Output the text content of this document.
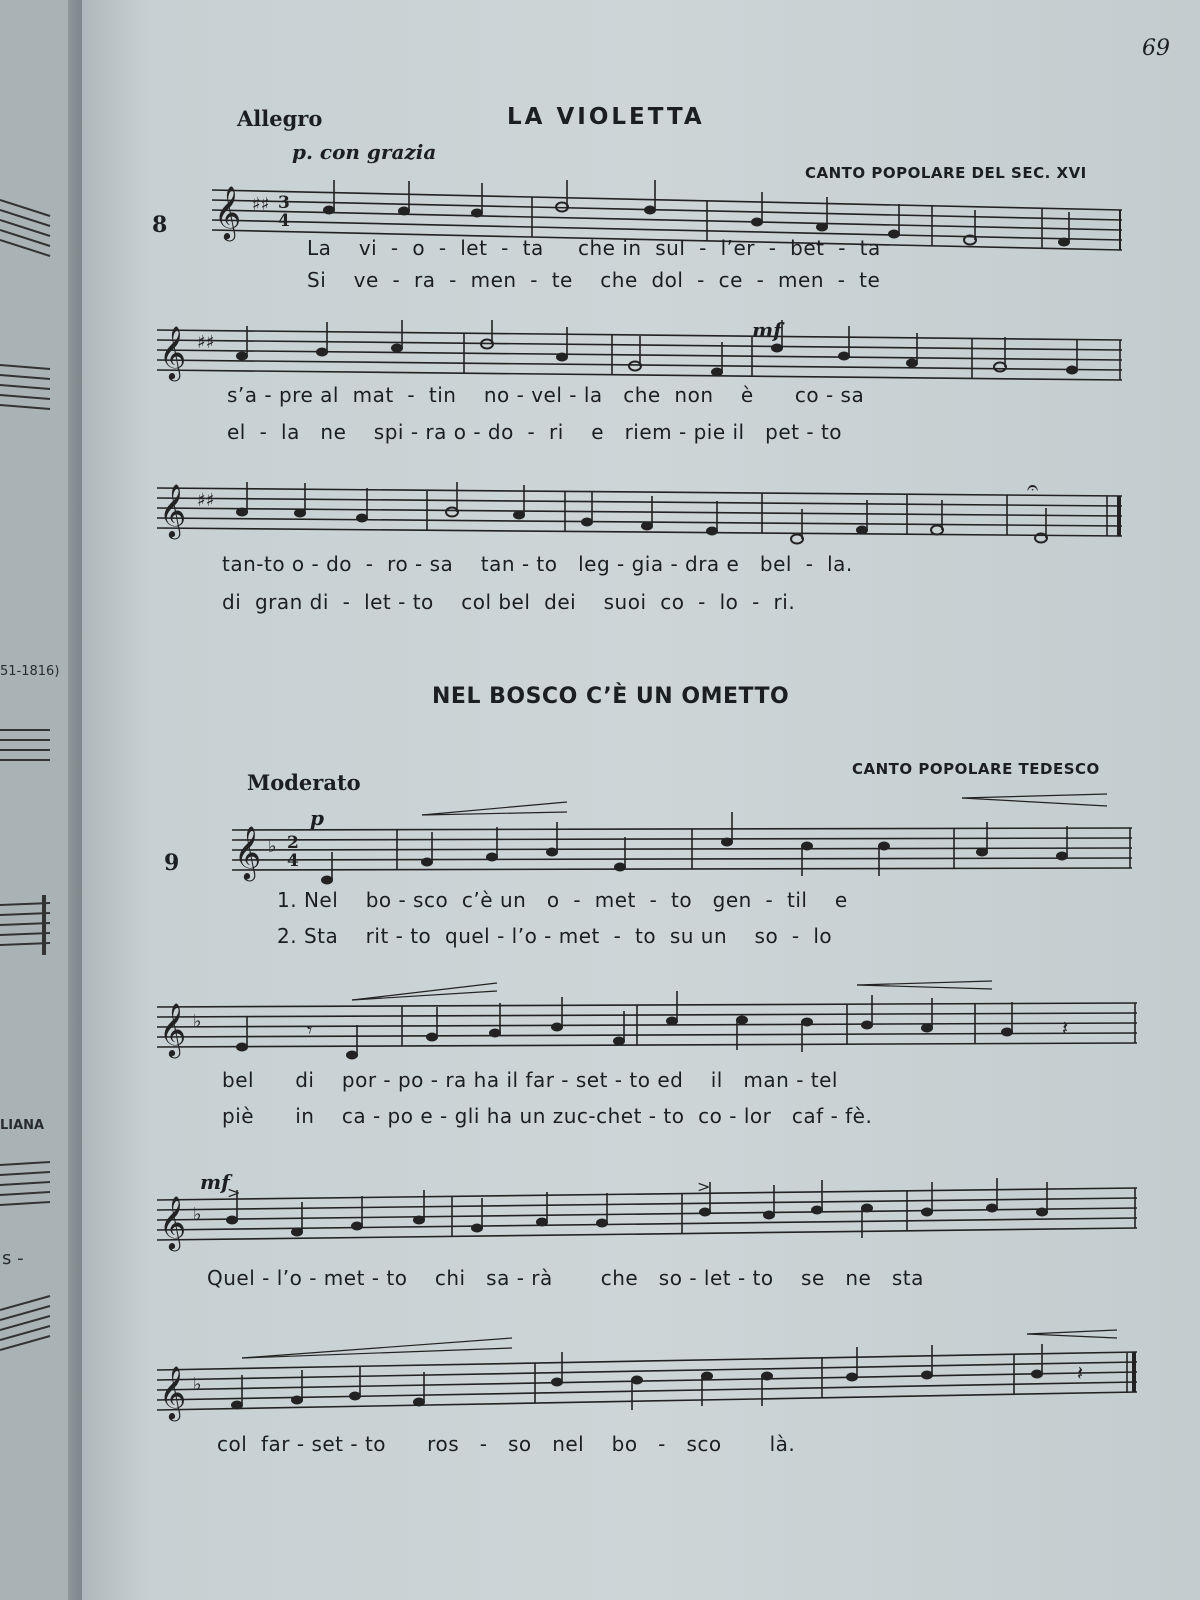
51-1816)
LIANA
s -
69
Allegro	LA VIOLETTA
p. con grazia
CANTO POPOLARE DEL SEC. XVI
8 𝄞 ♯♯ 3
4
La    vi  -  o  -  let  -  ta     che in  sul  -  l’er  -  bet  -  ta
Si    ve  -  ra  -  men  -  te    che  dol  -  ce  -  men  -  te
mf
𝄞 ♯♯
s’a - pre al  mat  -  tin    no - vel - la   che  non    è      co - sa
el  -  la   ne    spi - ra o - do  -  ri    e   riem - pie il   pet - to
𝄞 ♯♯
𝄐
tan-to o - do  -  ro - sa    tan - to   leg - gia - dra e   bel  -  la.
di  gran di  -  let - to    col bel  dei    suoi  co  -  lo  -  ri.
NEL BOSCO C’È UN OMETTO
CANTO POPOLARE TEDESCO
Moderato
p
9 𝄞 ♭ 2
4
1. Nel    bo - sco  c’è un   o  -  met  -  to   gen  -  til    e
2. Sta    rit - to  quel - l’o - met  -  to  su un    so  -  lo
𝄞 ♭	𝄾	𝄽
bel      di    por - po - ra ha il far - set - to ed    il   man - tel
piè      in    ca - po e - gli ha un zuc-chet - to  co - lor   caf - fè.
mf
𝄞 ♭
>	>
Quel - l’o - met - to    chi   sa - rà       che   so - let - to    se   ne   sta
𝄞 ♭	𝄽
col  far - set - to      ros   -   so   nel    bo   -   sco       là.
